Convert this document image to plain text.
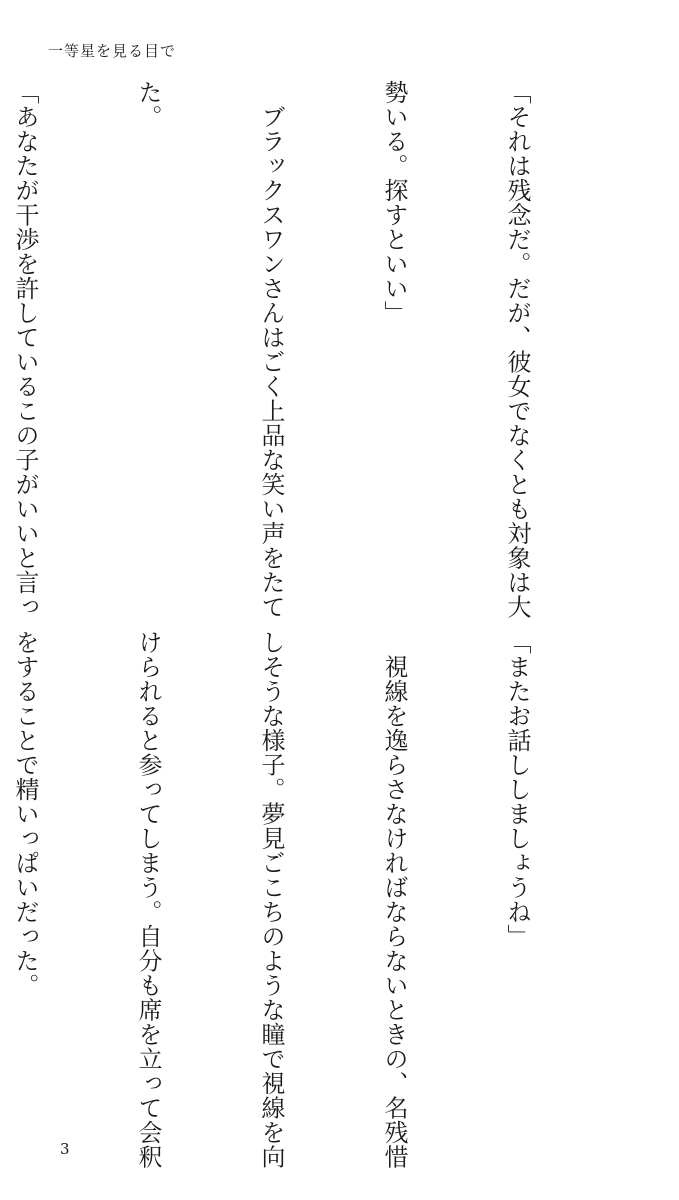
一等星を見る目で

「それは残念だ。だが、彼女でなくとも対象は大

勢いる。探すといい」

　ブラックスワンさんはごく上品な笑い声をたて

た。

「あなたが干渉を許しているこの子がいいと言っ

「またお話ししましょうね」

　視線を逸らさなければならないときの、名残惜

しそうな様子。夢見ごこちのような瞳で視線を向

けられると参ってしまう。自分も席を立って会釈

をすることで精いっぱいだった。

3
